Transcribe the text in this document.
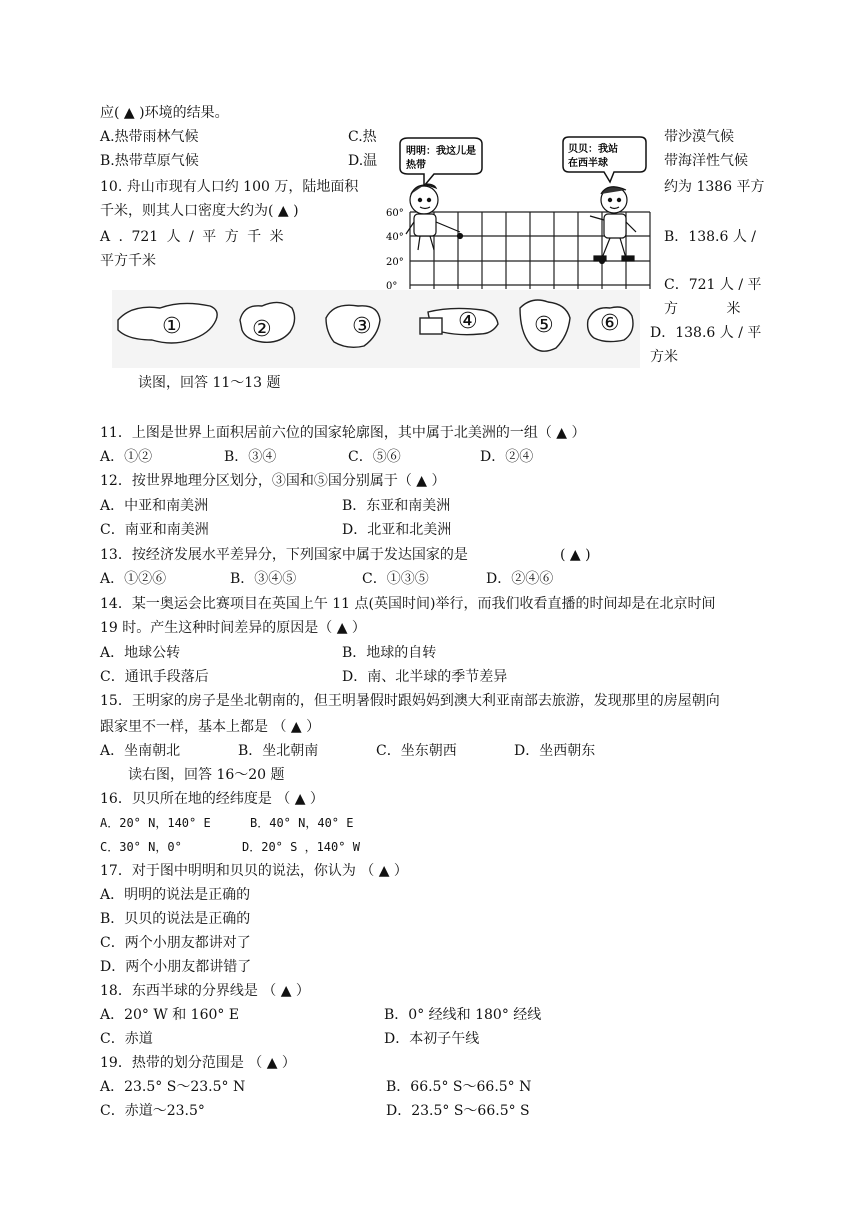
应( ▲ )环境的结果。
A.热带雨林气候	C.热	带沙漠气候
B.热带草原气候	D.温	带海洋性气候
10. 舟山市现有人口约 100 万，陆地面积	约为 1386 平方
千米，则其人口密度大约为( ▲ )
A . 721 人 / 平 方 千 米	B．138.6 人 /
平方千米
C．721 人 / 平
方 米
D．138.6 人 / 平
方米
60°
40°
20°
0°
明明：我这儿是
热带
贝贝：我站
在西半球
①	②	③	④	⑤ ⑥
读图，回答 11～13 题
11．上图是世界上面积居前六位的国家轮廓图，其中属于北美洲的一组（ ▲ ）
A．①②	B．③④	C．⑤⑥	D．②④
12．按世界地理分区划分，③国和⑤国分别属于（ ▲ ）
A．中亚和南美洲	B．东亚和南美洲
C．南亚和南美洲	D．北亚和北美洲
13．按经济发展水平差异分，下列国家中属于发达国家的是	( ▲ )
A．①②⑥	B．③④⑤	C．①③⑤	D．②④⑥
14．某一奥运会比赛项目在英国上午 11 点(英国时间)举行，而我们收看直播的时间却是在北京时间
19 时。产生这种时间差异的原因是（ ▲ ）
A．地球公转	B．地球的自转
C．通讯手段落后	D．南、北半球的季节差异
15．王明家的房子是坐北朝南的，但王明暑假时跟妈妈到澳大利亚南部去旅游，发现那里的房屋朝向
跟家里不一样，基本上都是 （ ▲ ）
A．坐南朝北	B．坐北朝南	C．坐东朝西	D．坐西朝东
读右图，回答 16～20 题
16．贝贝所在地的经纬度是 （ ▲ ）
A．20° N，140° E	B．40° N，40° E
C．30° N，0°	D．20° S ，140° W
17．对于图中明明和贝贝的说法，你认为 （ ▲ ）
A．明明的说法是正确的
B．贝贝的说法是正确的
C．两个小朋友都讲对了
D．两个小朋友都讲错了
18．东西半球的分界线是 （ ▲ ）
A．20° W 和 160° E	B．0° 经线和 180° 经线
C．赤道	D．本初子午线
19．热带的划分范围是 （ ▲ ）
A．23.5° S～23.5° N	B．66.5° S～66.5° N
C．赤道～23.5°	D．23.5° S～66.5° S
